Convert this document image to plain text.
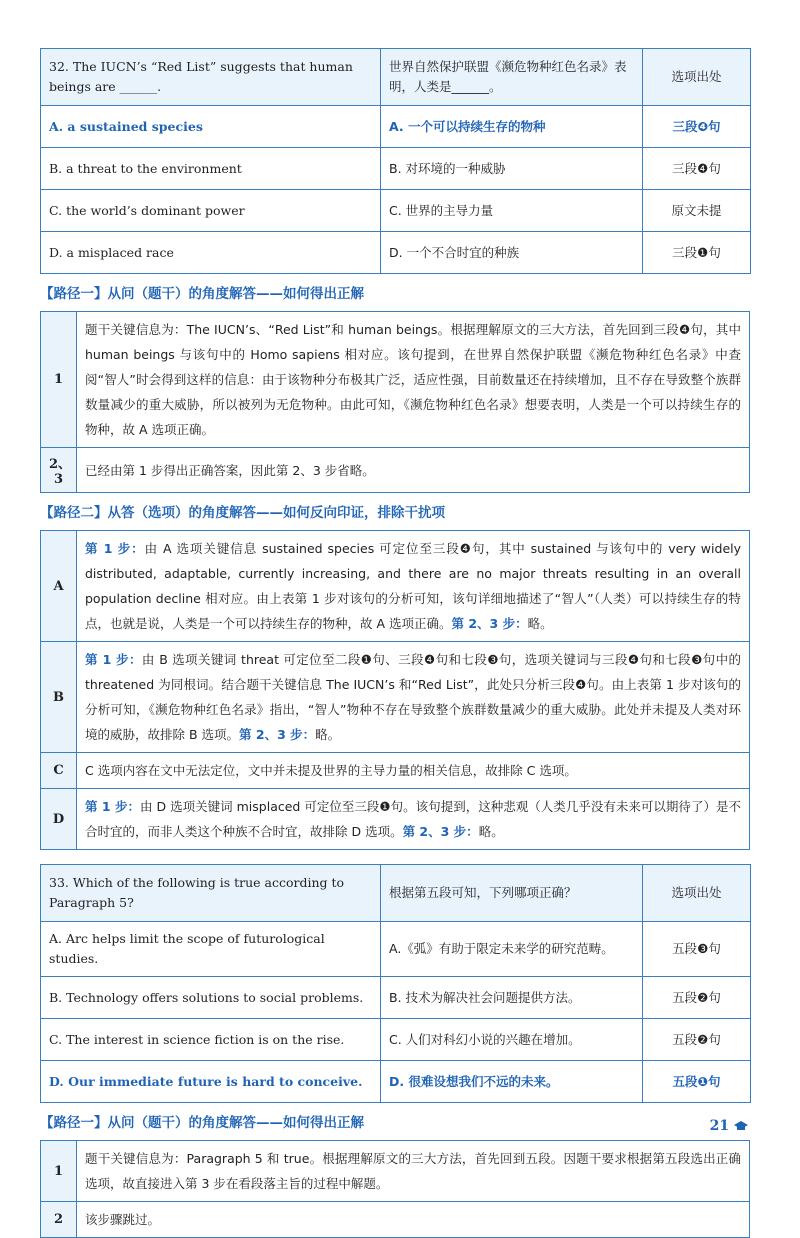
32. The IUCN’s “Red List” suggests that human beings are ______.	世界自然保护联盟《濒危物种红色名录》表明，人类是______。	选项出处
A. a sustained species	A. 一个可以持续生存的物种	三段❹句
B. a threat to the environment	B. 对环境的一种威胁	三段❹句
C. the world’s dominant power	C. 世界的主导力量	原文未提
D. a misplaced race	D. 一个不合时宜的种族	三段❶句
【路径一】从问（题干）的角度解答——如何得出正解
1	题干关键信息为：The IUCN’s、“Red List”和 human beings。根据理解原文的三大方法，首先回到三段❹句，其中 human beings 与该句中的 Homo sapiens 相对应。该句提到，在世界自然保护联盟《濒危物种红色名录》中查阅“智人”时会得到这样的信息：由于该物种分布极其广泛，适应性强，目前数量还在持续增加，且不存在导致整个族群数量减少的重大威胁，所以被列为无危物种。由此可知，《濒危物种红色名录》想要表明，人类是一个可以持续生存的物种，故 A 选项正确。
2、3	已经由第 1 步得出正确答案，因此第 2、3 步省略。
【路径二】从答（选项）的角度解答——如何反向印证，排除干扰项
A	第 1 步：由 A 选项关键信息 sustained species 可定位至三段❹句，其中 sustained 与该句中的 very widely distributed, adaptable, currently increasing, and there are no major threats resulting in an overall population decline 相对应。由上表第 1 步对该句的分析可知，该句详细地描述了“智人”（人类）可以持续生存的特点，也就是说，人类是一个可以持续生存的物种，故 A 选项正确。第 2、3 步：略。
B	第 1 步：由 B 选项关键词 threat 可定位至二段❶句、三段❹句和七段❸句，选项关键词与三段❹句和七段❸句中的 threatened 为同根词。结合题干关键信息 The IUCN’s 和“Red List”，此处只分析三段❹句。由上表第 1 步对该句的分析可知，《濒危物种红色名录》指出，“智人”物种不存在导致整个族群数量减少的重大威胁。此处并未提及人类对环境的威胁，故排除 B 选项。第 2、3 步：略。
C	C 选项内容在文中无法定位，文中并未提及世界的主导力量的相关信息，故排除 C 选项。
D	第 1 步：由 D 选项关键词 misplaced 可定位至三段❶句。该句提到，这种悲观（人类几乎没有未来可以期待了）是不合时宜的，而非人类这个种族不合时宜，故排除 D 选项。第 2、3 步：略。
33. Which of the following is true according to Paragraph 5?	根据第五段可知，下列哪项正确？	选项出处
A. Arc helps limit the scope of futurological studies.	A.《弧》有助于限定未来学的研究范畴。	五段❸句
B. Technology offers solutions to social problems.	B. 技术为解决社会问题提供方法。	五段❷句
C. The interest in science fiction is on the rise.	C. 人们对科幻小说的兴趣在增加。	五段❷句
D. Our immediate future is hard to conceive.	D. 很难设想我们不远的未来。	五段❶句
【路径一】从问（题干）的角度解答——如何得出正解
1	题干关键信息为：Paragraph 5 和 true。根据理解原文的三大方法，首先回到五段。因题干要求根据第五段选出正确选项，故直接进入第 3 步在看段落主旨的过程中解题。
2	该步骤跳过。
21
